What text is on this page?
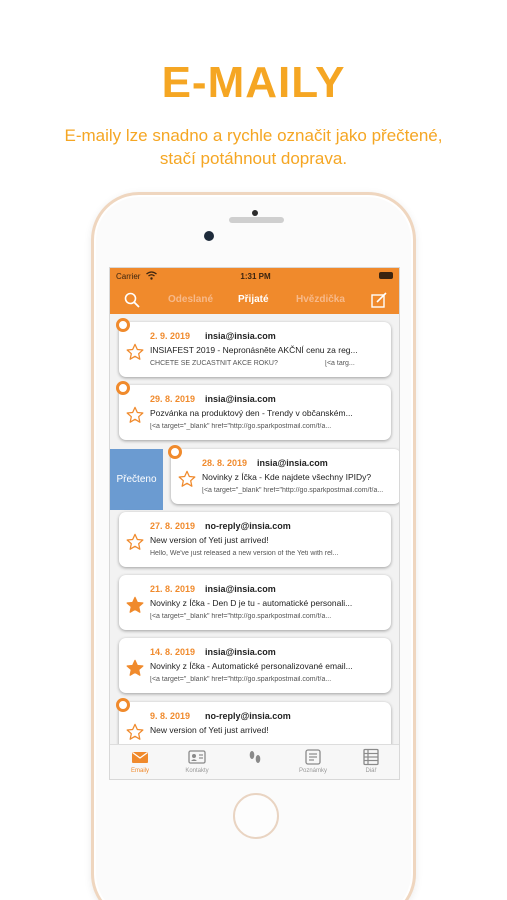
E-MAILY
E-maily lze snadno a rychle označit jako přečtené,
stačí potáhnout doprava.
Carrier	1:31 PM
Odeslané Přijaté	Hvězdička
Přečteno
2. 9. 2019 insia@insia.com
INSIAFEST 2019 - Neprопásněte AKČNÍ cenu za reg...
CHCETE SE ZÚČASTNIT AKCE ROKU?	[<a targ...
29. 8. 2019 insia@insia.com
Pozvánka na produktový den - Trendy v občanském...
[<a target="_blank" href="http://go.sparkpostmail.com/f/a...
28. 8. 2019 insia@insia.com
Novinky z Íčka - Kde najdete všechny IPIDy?
[<a target="_blank" href="http://go.sparkpostmail.com/f/a...
27. 8. 2019 no-reply@insia.com
New version of Yeti just arrived!
Hello, We've just released a new version of the Yeti with rel...
21. 8. 2019 insia@insia.com
Novinky z Íčka - Den D je tu - automatické personali...
[<a target="_blank" href="http://go.sparkpostmail.com/f/a...
14. 8. 2019 insia@insia.com
Novinky z Íčka - Automatické personalizované email...
[<a target="_blank" href="http://go.sparkpostmail.com/f/a...
9. 8. 2019 no-reply@insia.com
New version of Yeti just arrived!
Emaily	Kontakty	Poznámky	Diář
